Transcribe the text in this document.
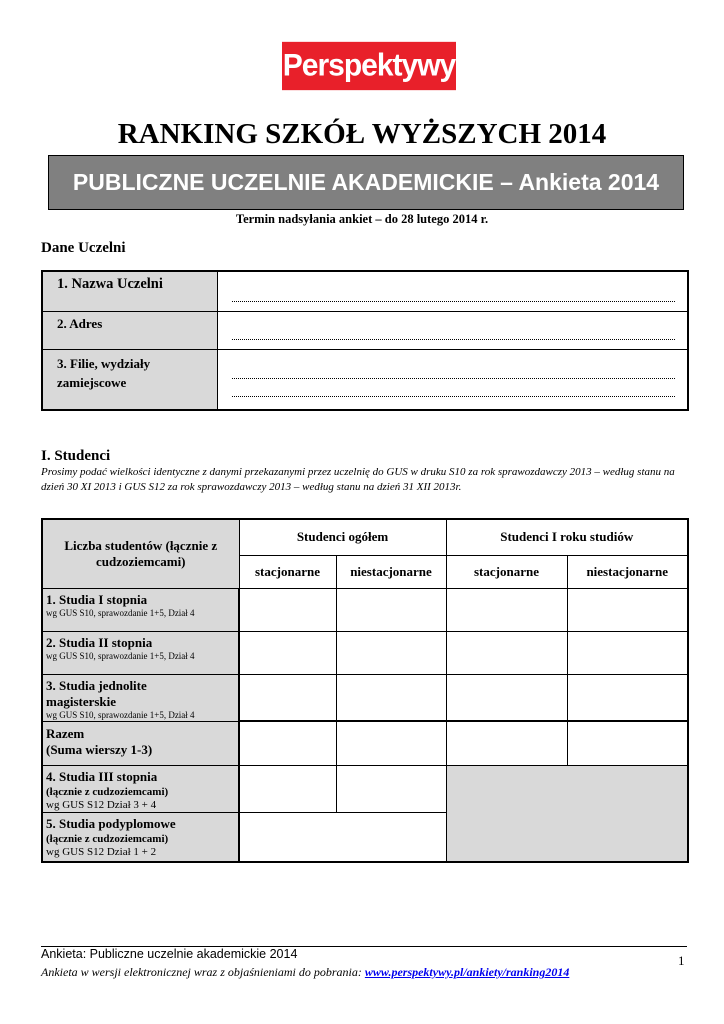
Perspektywy
RANKING SZKÓŁ WYŻSZYCH 2014
PUBLICZNE UCZELNIE AKADEMICKIE – Ankieta 2014
Termin nadsyłania ankiet – do 28 lutego 2014 r.
Dane Uczelni
1. Nazwa Uczelni	

2. Adres	

3. Filie, wydziały zamiejscowe	
I. Studenci
Prosimy podać wielkości identyczne z danymi przekazanymi przez uczelnię do GUS w druku S10 za rok sprawozdawczy 2013 – według stanu na dzień 30 XI 2013 i GUS S12 za rok sprawozdawczy 2013 – według stanu na dzień 31 XII 2013r.
Liczba studentów (łącznie z cudzoziemcami)	Studenci ogółem		Studenci I roku studiów	
	stacjonarne	niestacjonarne	stacjonarne	niestacjonarne

1. Studia I stopnia
wg GUS S10, sprawozdanie 1+5, Dział 4				

2. Studia II stopnia
wg GUS S10, sprawozdanie 1+5, Dział 4				

3. Studia jednolite magisterskie
wg GUS S10, sprawozdanie 1+5, Dział 4				

Razem
(Suma wierszy 1-3)				

4. Studia III stopnia
(łącznie z cudzoziemcami)
wg GUS S12 Dział 3 + 4				

5. Studia podyplomowe
(łącznie z cudzoziemcami)
wg GUS S12 Dział 1 + 2				

Ankieta: Publiczne uczelnie akademickie 2014	1
Ankieta w wersji elektronicznej wraz z objaśnieniami do pobrania: www.perspektywy.pl/ankiety/ranking2014
